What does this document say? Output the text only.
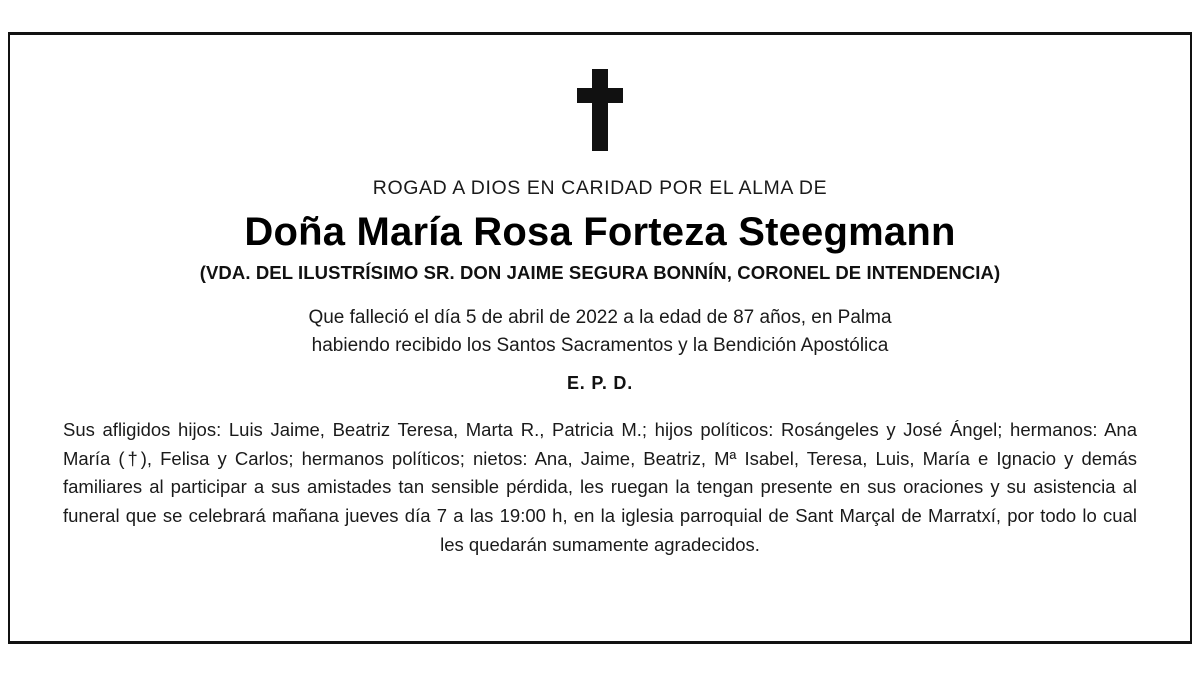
ROGAD A DIOS EN CARIDAD POR EL ALMA DE
Doña María Rosa Forteza Steegmann
(VDA. DEL ILUSTRÍSIMO SR. DON JAIME SEGURA BONNÍN, CORONEL DE INTENDENCIA)
Que falleció el día 5 de abril de 2022 a la edad de 87 años, en Palma
habiendo recibido los Santos Sacramentos y la Bendición Apostólica
E. P. D.
Sus afligidos hijos: Luis Jaime, Beatriz Teresa, Marta R., Patricia M.; hijos políticos: Rosángeles y José Ángel; hermanos: Ana María (†), Felisa y Carlos; hermanos políticos; nietos: Ana, Jaime, Beatriz, Mª Isabel, Teresa, Luis, María e Ignacio y demás familiares al participar a sus amistades tan sensible pérdida, les ruegan la tengan presente en sus oraciones y su asistencia al funeral que se celebrará mañana jueves día 7 a las 19:00 h, en la iglesia parroquial de Sant Marçal de Marratxí, por todo lo cual les quedarán sumamente agradecidos.
